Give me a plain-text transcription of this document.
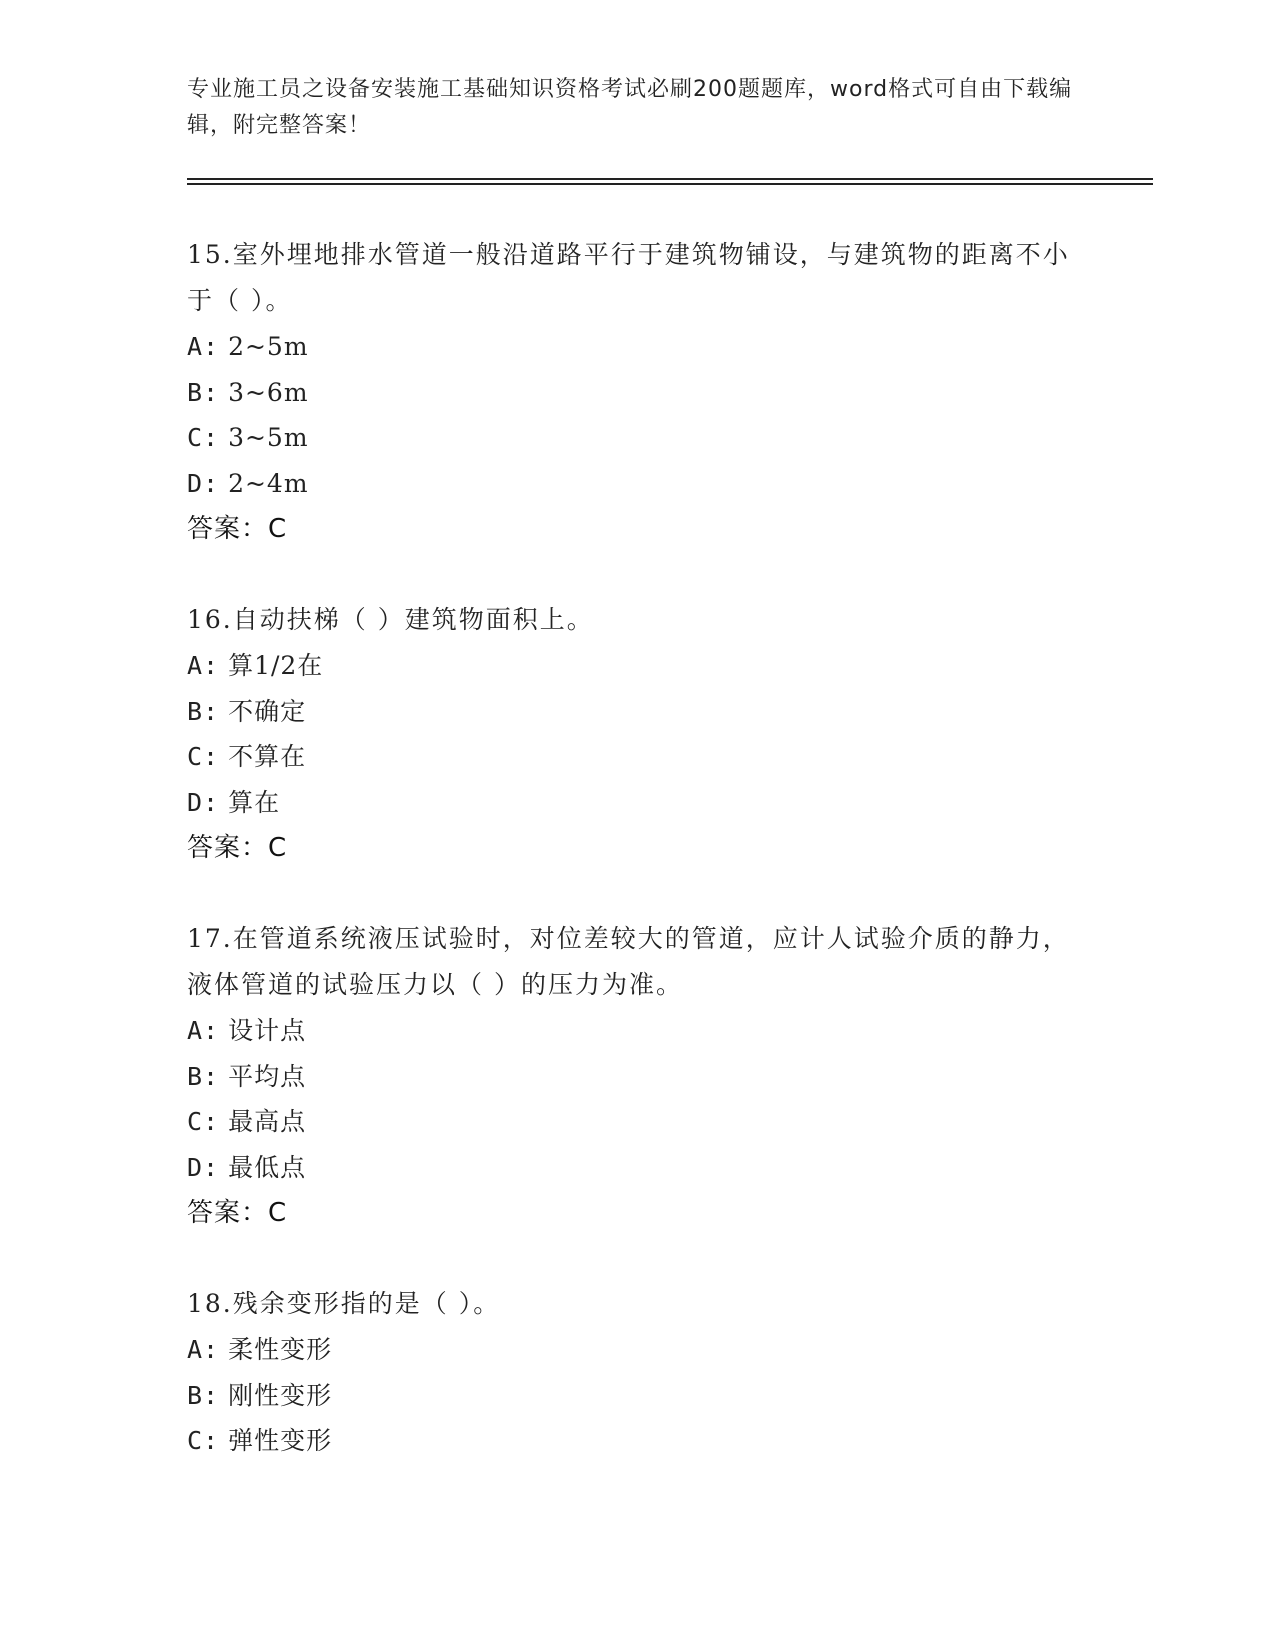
专业施工员之设备安装施工基础知识资格考试必刷200题题库，word格式可自由下载编辑，附完整答案！
15.室外埋地排水管道一般沿道路平行于建筑物铺设，与建筑物的距离不小于（ ）。
A: 2~5m
B: 3~6m
C: 3~5m
D: 2~4m
答案：C
16.自动扶梯（ ）建筑物面积上。
A: 算1/2在
B: 不确定
C: 不算在
D: 算在
答案：C
17.在管道系统液压试验时，对位差较大的管道，应计人试验介质的静力，液体管道的试验压力以（ ）的压力为准。
A: 设计点
B: 平均点
C: 最高点
D: 最低点
答案：C
18.残余变形指的是（ ）。
A: 柔性变形
B: 刚性变形
C: 弹性变形
